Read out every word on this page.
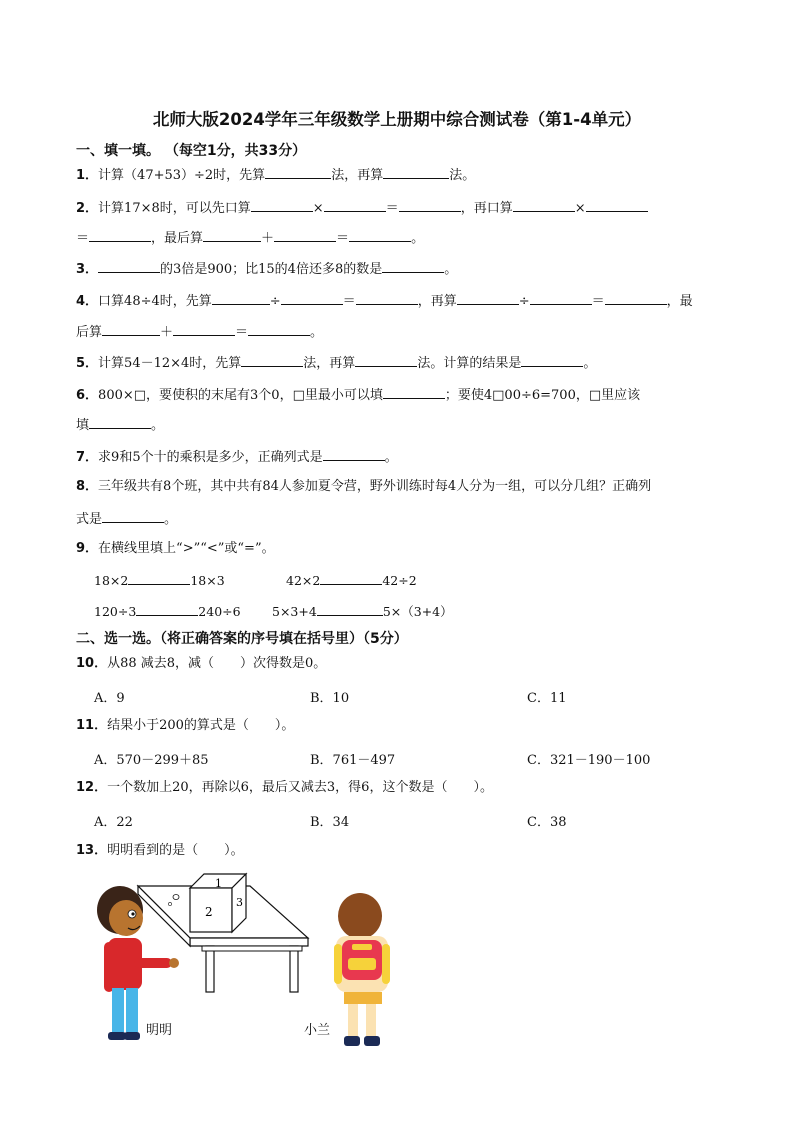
北师大版2024学年三年级数学上册期中综合测试卷（第1-4单元）
一、填一填。 （每空1分，共33分）
1．计算（47+53）÷2时，先算	法，再算	法。
2．计算17×8时，可以先口算	×	＝	，再口算	×
＝	，最后算	＋	＝	。
3．	的3倍是900；比15的4倍还多8的数是	。
4．口算48÷4时，先算	÷	＝	，再算	÷	＝	，最
后算	＋	＝	。
5．计算54－12×4时，先算	法，再算	法。计算的结果是	。
6．800×□，要使积的末尾有3个0，□里最小可以填	；要使4□00÷6=700，□里应该
填	。
7．求9和5个十的乘积是多少，正确列式是	。
8．三年级共有8个班，其中共有84人参加夏令营，野外训练时每4人分为一组，可以分几组？正确列
式是	。
9．在横线里填上“>”“<”或“=”。
18×2	18×3	42×2	42÷2
120÷3	240÷6	5×3+4	5×（3+4）
二、选一选。（将正确答案的序号填在括号里）（5分）
10．从88 减去8，减（　　）次得数是0。
A．9	B．10	C．11
11．结果小于200的算式是（　　）。
A．570－299＋85	B．761－497	C．321－190－100
12．一个数加上20，再除以6，最后又减去3，得6，这个数是（　　）。
A．22	B．34	C．38
13．明明看到的是（　　）。
1
2
3
明明	小兰
